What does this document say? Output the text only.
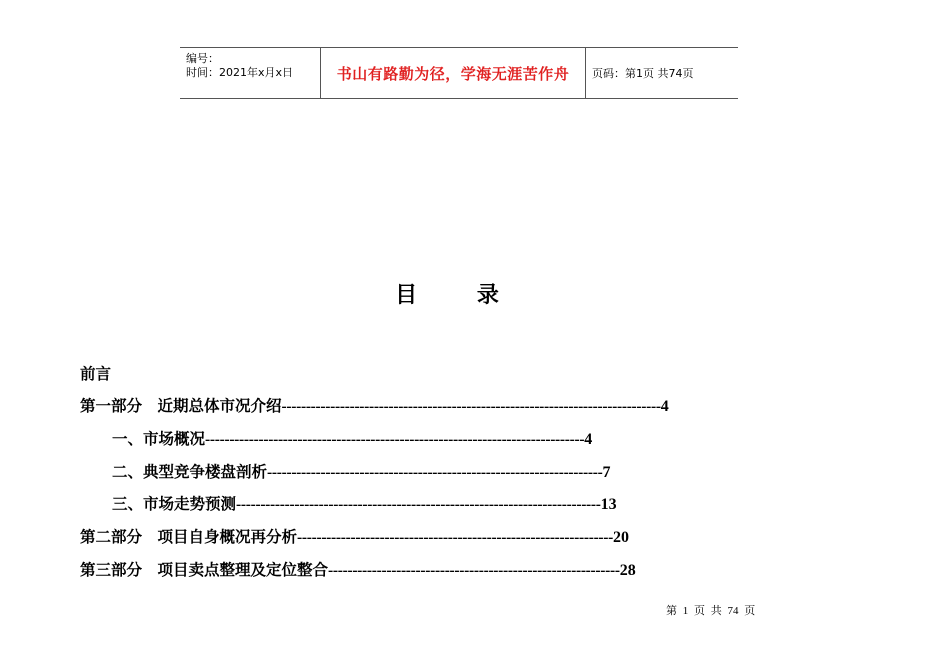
编号：
时间：2021年x月x日	书山有路勤为径，学海无涯苦作舟	页码：第1页 共74页
目 录
前言
第一部分　近期总体市况介绍------------------------------------------------------------------------------4
一、市场概况------------------------------------------------------------------------------4
二、典型竞争楼盘剖析---------------------------------------------------------------------7
三、市场走势预测---------------------------------------------------------------------------13
第二部分　项目自身概况再分析-----------------------------------------------------------------20
第三部分　项目卖点整理及定位整合------------------------------------------------------------28
第 1 页 共 74 页
